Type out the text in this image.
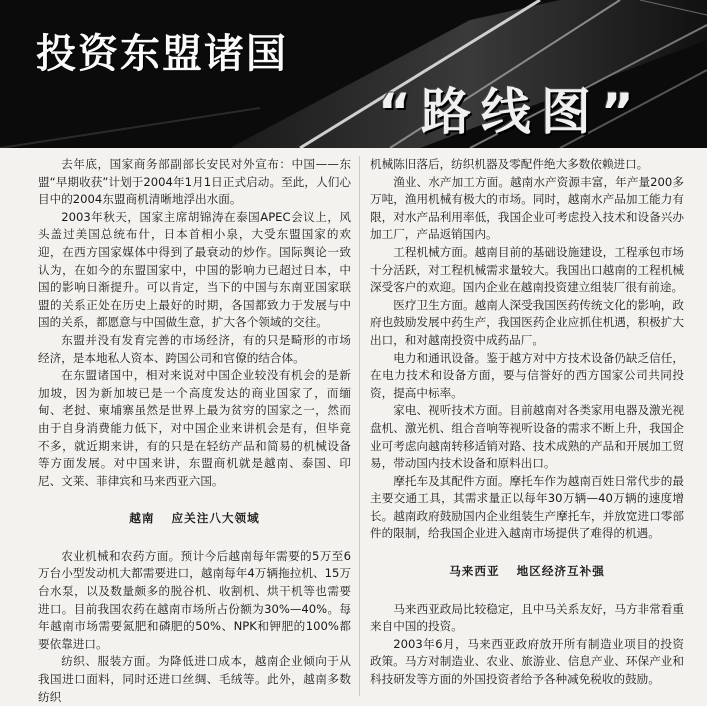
投资东盟诸国
“路线图”

去年底，国家商务部副部长安民对外宣布：中国——东盟“早期收获”计划于2004年1月1日正式启动。至此，人们心目中的2004东盟商机清晰地浮出水面。

2003年秋天，国家主席胡锦涛在泰国APEC会议上，风头盖过美国总统布什，日本首相小泉，大受东盟国家的欢迎，在西方国家媒体中得到了最衰动的炒作。国际舆论一致认为，在如今的东盟国家中，中国的影响力已超过日本，中国的影响日渐提升。可以肯定，当下的中国与东南亚国家联盟的关系正处在历史上最好的时期，各国都致力于发展与中国的关系，都愿意与中国做生意，扩大各个领域的交往。

东盟并没有发育完善的市场经济，有的只是畸形的市场经济，是本地私人资本、跨国公司和官僚的结合体。

在东盟诸国中，相对来说对中国企业较没有机会的是新加坡，因为新加坡已是一个高度发达的商业国家了，而缅甸、老挝、柬埔寨虽然是世界上最为贫穷的国家之一，然而由于自身消费能力低下，对中国企业来讲机会是有，但毕竟不多，就近期来讲，有的只是在轻纺产品和简易的机械设备等方面发展。对中国来讲，东盟商机就是越南、泰国、印尼、文莱、菲律宾和马来西亚六国。

越南 应关注八大领域

农业机械和农药方面。预计今后越南每年需要的5万至6万台小型发动机大都需要进口，越南每年4万辆拖拉机、15万台水泵，以及数量颇多的脱谷机、收割机、烘干机等也需要进口。目前我国农药在越南市场所占份额为30%—40%。每年越南市场需要氮肥和磷肥的50%、NPK和钾肥的100%都要依靠进口。

纺织、服装方面。为降低进口成本，越南企业倾向于从我国进口面料，同时还进口丝绸、毛绒等。此外，越南多数纺织

机械陈旧落后，纺织机器及零配件绝大多数依赖进口。

渔业、水产加工方面。越南水产资源丰富，年产量200多万吨，渔用机械有极大的市场。同时，越南水产品加工能力有限，对水产品利用率低，我国企业可考虑投入技术和设备兴办加工厂，产品返销国内。

工程机械方面。越南目前的基础设施建设，工程承包市场十分活跃，对工程机械需求量较大。我国出口越南的工程机械深受客户的欢迎。国内企业在越南投资建立组装厂很有前途。

医疗卫生方面。越南人深受我国医药传统文化的影响，政府也鼓励发展中药生产，我国医药企业应抓住机遇，积极扩大出口，和对越南投资中成药品厂。

电力和通讯设备。鉴于越方对中方技术设备仍缺乏信任，在电力技术和设备方面，要与信誉好的西方国家公司共同投资，提高中标率。

家电、视听技术方面。目前越南对各类家用电器及激光视盘机、激光机、组合音响等视听设备的需求不断上升，我国企业可考虑向越南转移适销对路、技术成熟的产品和开展加工贸易，带动国内技术设备和原料出口。

摩托车及其配件方面。摩托车作为越南百姓日常代步的最主要交通工具，其需求量正以每年30万辆—40万辆的速度增长。越南政府鼓励国内企业组装生产摩托车，并放宽进口零部件的限制，给我国企业进入越南市场提供了难得的机遇。

马来西亚 地区经济互补强

马来西亚政局比较稳定，且中马关系友好，马方非常看重来自中国的投资。

2003年6月，马来西亚政府放开所有制造业项目的投资政策。马方对制造业、农业、旅游业、信息产业、环保产业和科技研发等方面的外国投资者给予各种减免税收的鼓励。
